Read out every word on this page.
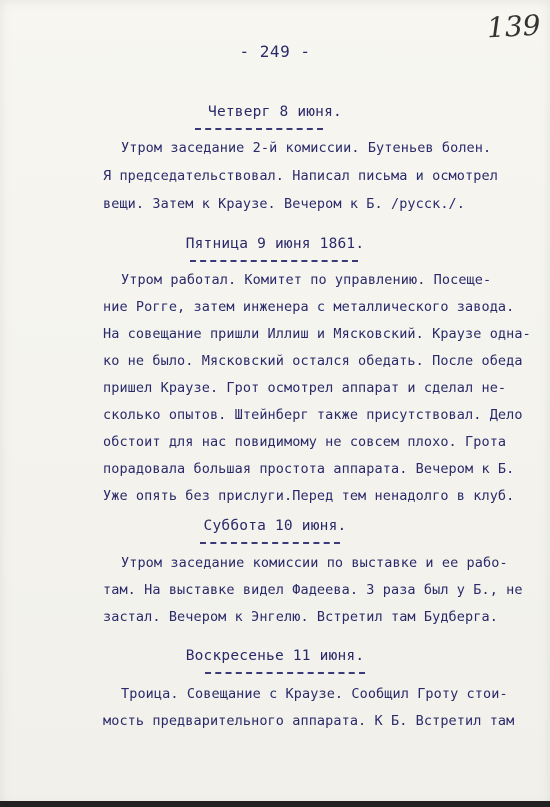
139
- 249 -
Четверг 8 июня.
Утром заседание 2-й комиссии. Бутеньев болен.
Я председательствовал. Написал письма и осмотрел
вещи. Затем к Краузе. Вечером к Б. /русск./.
Пятница 9 июня 1861.
Утром работал. Комитет по управлению. Посеще-
ние Рогге, затем инженера с металлического завода.
На совещание пришли Иллиш и Мясковский. Краузе одна-
ко не было. Мясковский остался обедать. После обеда
пришел Краузе. Грот осмотрел аппарат и сделал не-
сколько опытов. Штейнберг также присутствовал. Дело
обстоит для нас повидимому не совсем плохо. Грота
порадовала большая простота аппарата. Вечером к Б.
Уже опять без прислуги.Перед тем ненадолго в клуб.
Суббота 10 июня.
Утром заседание комиссии по выставке и ее рабо-
там. На выставке видел Фадеева. 3 раза был у Б., не
застал. Вечером к Энгелю. Встретил там Будберга.
Воскресенье 11 июня.
Троица. Совещание с Краузе. Сообщил Гроту стои-
мость предварительного аппарата. К Б. Встретил там
